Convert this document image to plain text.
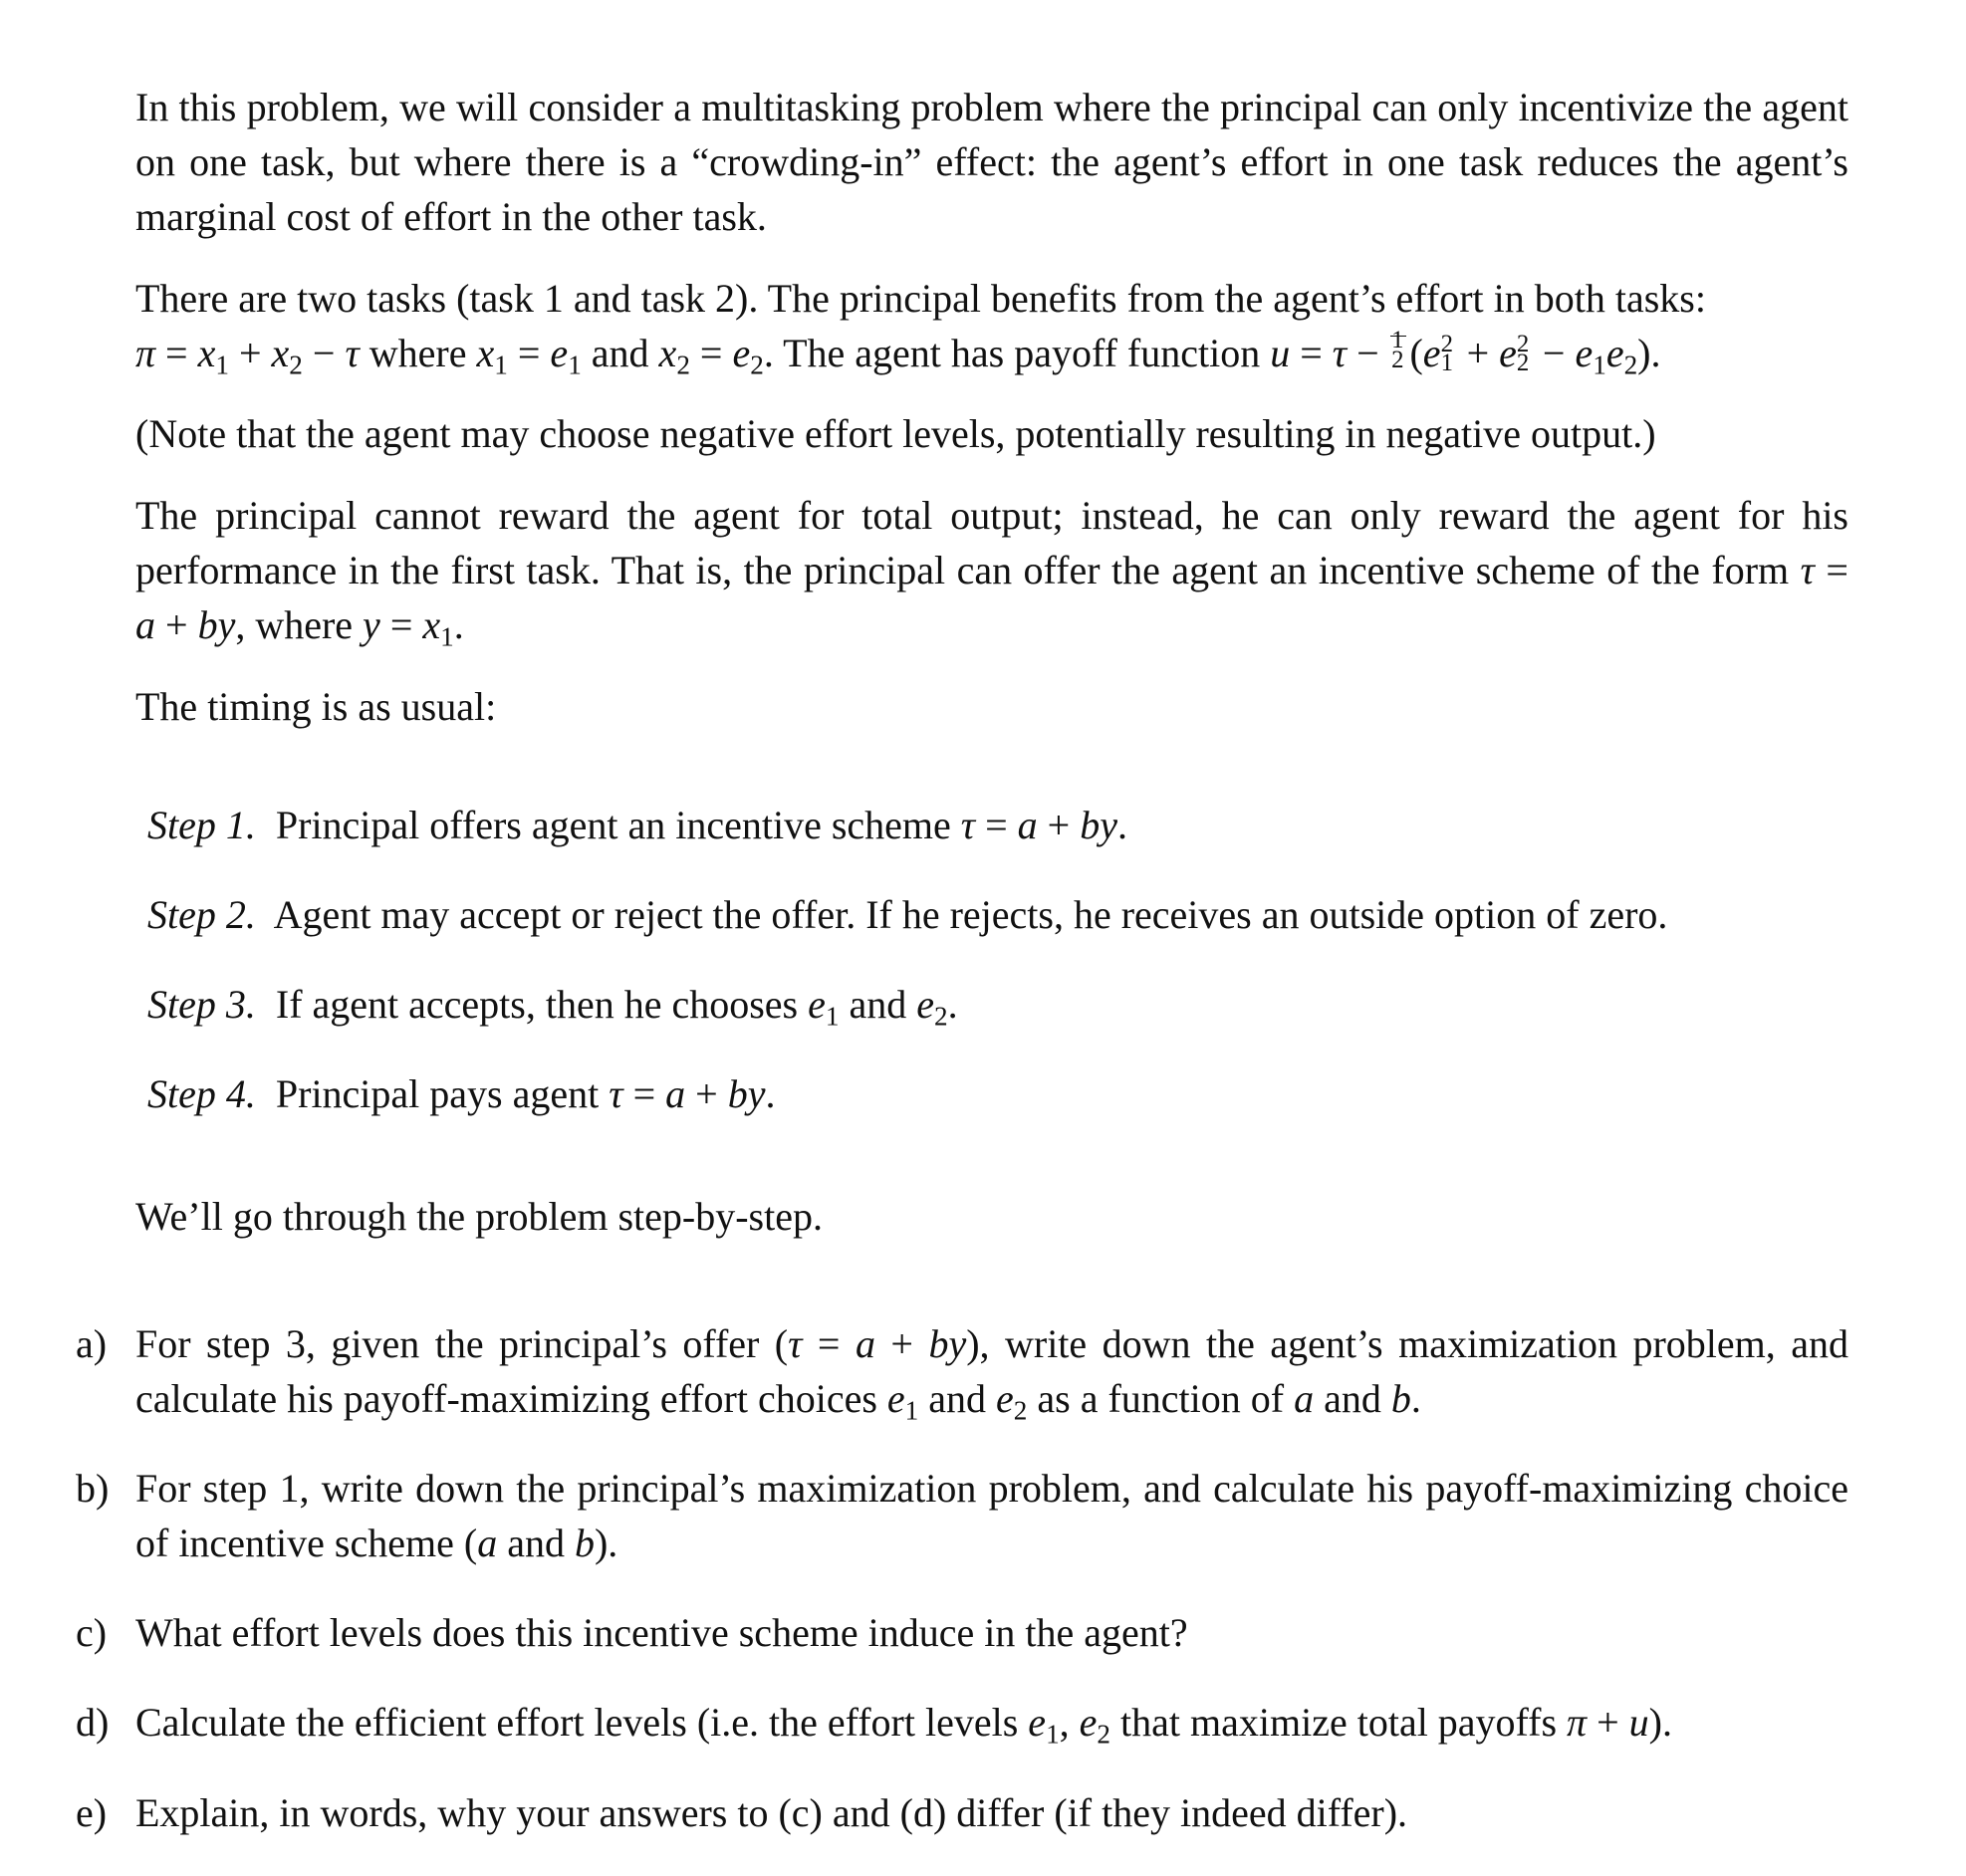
In this problem, we will consider a multitasking problem where the principal can only incentivize the agent on one task, but where there is a “crowding-in” effect: the agent’s effort in one task reduces the agent’s marginal cost of effort in the other task.

There are two tasks (task 1 and task 2). The principal benefits from the agent’s effort in both tasks:
$\pi = x_1 + x_2 - \tau$ where $x_1 = e_1$ and $x_2 = e_2$. The agent has payoff function u = τ − 1
2 (e 2
1 + e 2
$2 - e_1e_2$).

(Note that the agent may choose negative effort levels, potentially resulting in negative output.)

The principal cannot reward the agent for total output; instead, he can only reward the agent for his performance in the first task. That is, the principal can offer the agent an incentive scheme of the form τ = a + by, where $y = x_1$.

The timing is as usual:

Step 1. Principal offers agent an incentive scheme τ = a + by.

Step 2. Agent may accept or reject the offer. If he rejects, he receives an outside option of zero.

Step 3. If agent accepts, then he chooses $e_1$ and $e_2$.

Step 4. Principal pays agent τ = a + by.

We’ll go through the problem step-by-step.

a) For step 3, given the principal’s offer (τ = a + by), write down the agent’s maximization problem, and calculate his payoff-maximizing effort choices $e_1$ and $e_2$ as a function of a and b.
b) For step 1, write down the principal’s maximization problem, and calculate his payoff-maximizing choice of incentive scheme (a and b).
c) What effort levels does this incentive scheme induce in the agent?
d) Calculate the efficient effort levels (i.e. the effort levels $e_1$, $e_2$ that maximize total payoffs π + u).
e) Explain, in words, why your answers to (c) and (d) differ (if they indeed differ).
